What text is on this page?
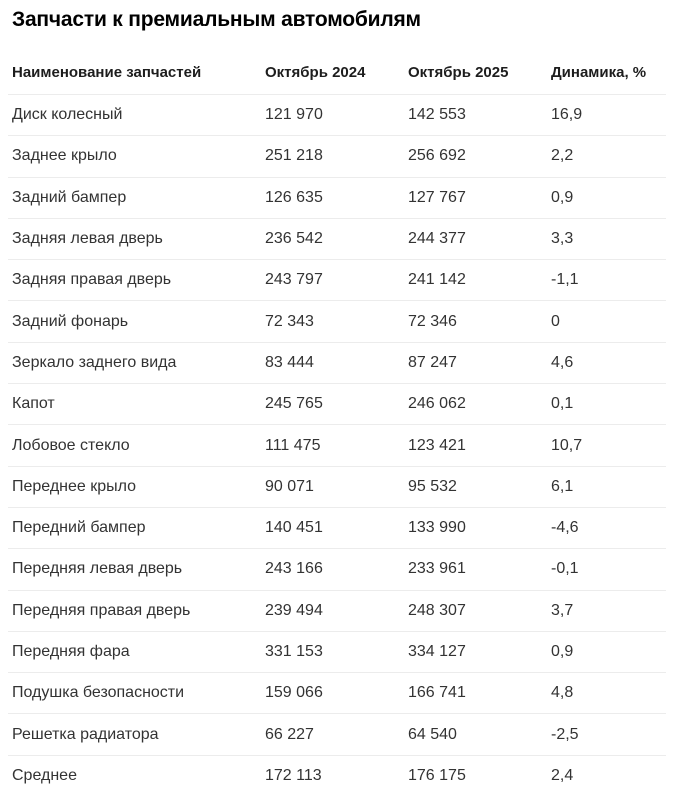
Запчасти к премиальным автомобилям
Наименование запчастей	Октябрь 2024	Октябрь 2025	Динамика, %
Диск колесный	121 970	142 553	16,9
Заднее крыло	251 218	256 692	2,2
Задний бампер	126 635	127 767	0,9
Задняя левая дверь	236 542	244 377	3,3
Задняя правая дверь	243 797	241 142	-1,1
Задний фонарь	72 343	72 346	0
Зеркало заднего вида	83 444	87 247	4,6
Капот	245 765	246 062	0,1
Лобовое стекло	111 475	123 421	10,7
Переднее крыло	90 071	95 532	6,1
Передний бампер	140 451	133 990	-4,6
Передняя левая дверь	243 166	233 961	-0,1
Передняя правая дверь	239 494	248 307	3,7
Передняя фара	331 153	334 127	0,9
Подушка безопасности	159 066	166 741	4,8
Решетка радиатора	66 227	64 540	-2,5
Среднее	172 113	176 175	2,4
